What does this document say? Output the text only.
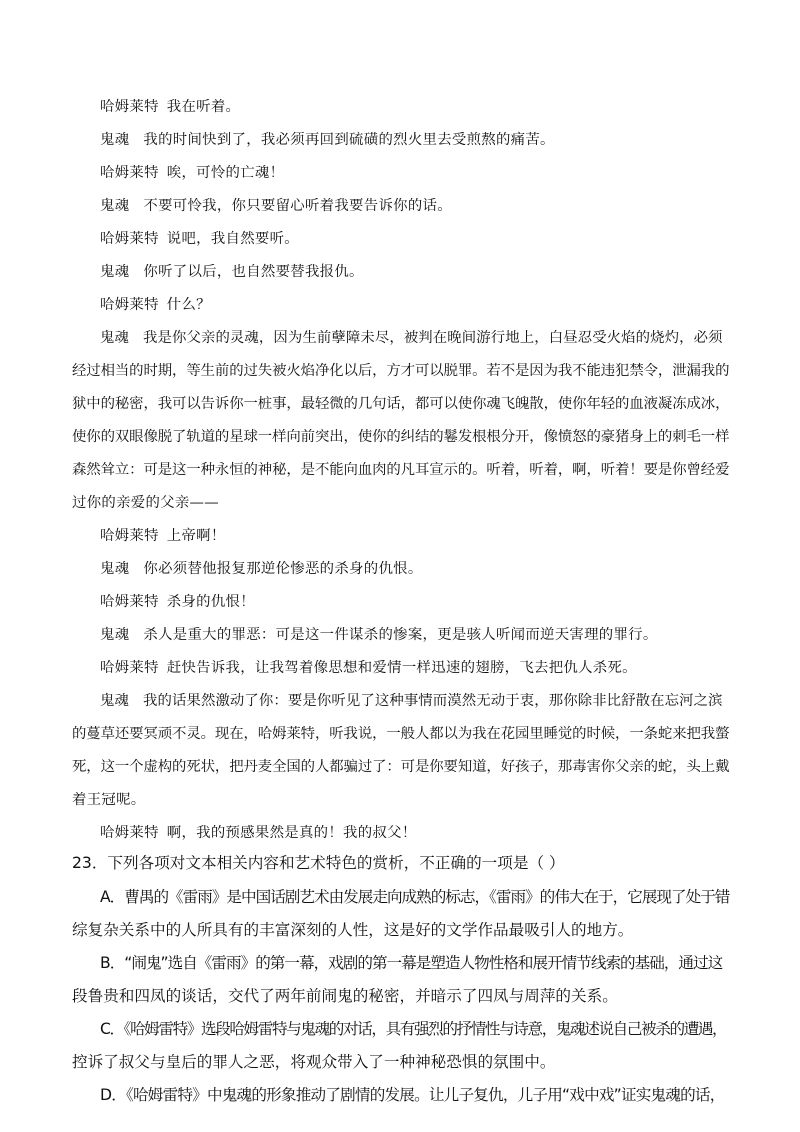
哈姆莱特 我在听着。
鬼魂 我的时间快到了，我必须再回到硫磺的烈火里去受煎熬的痛苦。
哈姆莱特 唉，可怜的亡魂！
鬼魂 不要可怜我，你只要留心听着我要告诉你的话。
哈姆莱特 说吧，我自然要听。
鬼魂 你听了以后，也自然要替我报仇。
哈姆莱特 什么？
鬼魂 我是你父亲的灵魂，因为生前孽障未尽，被判在晚间游行地上，白昼忍受火焰的烧灼，必须
经过相当的时期，等生前的过失被火焰净化以后，方才可以脱罪。若不是因为我不能违犯禁令，泄漏我的
狱中的秘密，我可以告诉你一桩事，最轻微的几句话，都可以使你魂飞魄散，使你年轻的血液凝冻成冰，
使你的双眼像脱了轨道的星球一样向前突出，使你的纠结的鬈发根根分开，像愤怒的豪猪身上的刺毛一样
森然耸立：可是这一种永恒的神秘，是不能向血肉的凡耳宣示的。听着，听着，啊，听着！要是你曾经爱
过你的亲爱的父亲——
哈姆莱特 上帝啊！
鬼魂 你必须替他报复那逆伦惨恶的杀身的仇恨。
哈姆莱特 杀身的仇恨！
鬼魂 杀人是重大的罪恶：可是这一件谋杀的惨案，更是骇人听闻而逆天害理的罪行。
哈姆莱特 赶快告诉我，让我驾着像思想和爱情一样迅速的翅膀，飞去把仇人杀死。
鬼魂 我的话果然激动了你：要是你听见了这种事情而漠然无动于衷，那你除非比舒散在忘河之滨
的蔓草还要冥顽不灵。现在，哈姆莱特，听我说，一般人都以为我在花园里睡觉的时候，一条蛇来把我螫
死，这一个虚构的死状，把丹麦全国的人都骗过了：可是你要知道，好孩子，那毒害你父亲的蛇，头上戴
着王冠呢。
哈姆莱特 啊，我的预感果然是真的！我的叔父！
23．下列各项对文本相关内容和艺术特色的赏析，不正确的一项是（ ）
A．曹禺的《雷雨》是中国话剧艺术由发展走向成熟的标志，《雷雨》的伟大在于，它展现了处于错
综复杂关系中的人所具有的丰富深刻的人性，这是好的文学作品最吸引人的地方。
B．“闹鬼”选自《雷雨》的第一幕，戏剧的第一幕是塑造人物性格和展开情节线索的基础，通过这
段鲁贵和四凤的谈话，交代了两年前闹鬼的秘密，并暗示了四凤与周萍的关系。
C．《哈姆雷特》选段哈姆雷特与鬼魂的对话，具有强烈的抒情性与诗意，鬼魂述说自己被杀的遭遇，
控诉了叔父与皇后的罪人之恶，将观众带入了一种神秘恐惧的氛围中。
D．《哈姆雷特》中鬼魂的形象推动了剧情的发展。让儿子复仇，儿子用“戏中戏”证实鬼魂的话，
